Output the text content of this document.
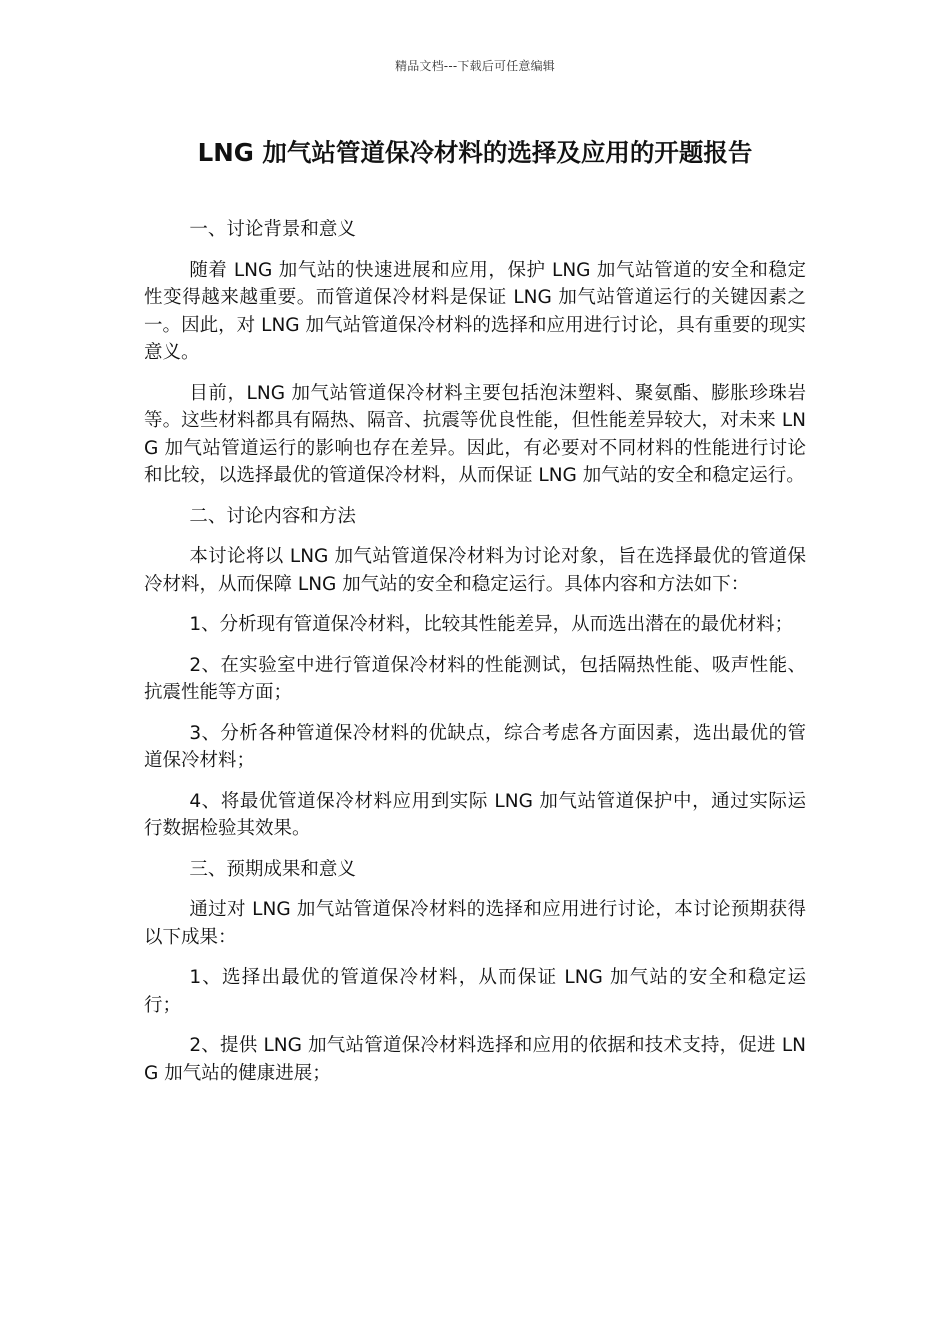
精品文档---下载后可任意编辑
LNG 加气站管道保冷材料的选择及应用的开题报告

一、讨论背景和意义

随着 LNG 加气站的快速进展和应用，保护 LNG 加气站管道的安全和稳定性变得越来越重要。而管道保冷材料是保证 LNG 加气站管道运行的关键因素之一。因此，对 LNG 加气站管道保冷材料的选择和应用进行讨论，具有重要的现实意义。

目前，LNG 加气站管道保冷材料主要包括泡沫塑料、聚氨酯、膨胀珍珠岩等。这些材料都具有隔热、隔音、抗震等优良性能，但性能差异较大，对未来 LNG 加气站管道运行的影响也存在差异。因此，有必要对不同材料的性能进行讨论和比较，以选择最优的管道保冷材料，从而保证 LNG 加气站的安全和稳定运行。

二、讨论内容和方法

本讨论将以 LNG 加气站管道保冷材料为讨论对象，旨在选择最优的管道保冷材料，从而保障 LNG 加气站的安全和稳定运行。具体内容和方法如下：

1、分析现有管道保冷材料，比较其性能差异，从而选出潜在的最优材料；

2、在实验室中进行管道保冷材料的性能测试，包括隔热性能、吸声性能、抗震性能等方面；

3、分析各种管道保冷材料的优缺点，综合考虑各方面因素，选出最优的管道保冷材料；

4、将最优管道保冷材料应用到实际 LNG 加气站管道保护中，通过实际运行数据检验其效果。

三、预期成果和意义

通过对 LNG 加气站管道保冷材料的选择和应用进行讨论，本讨论预期获得以下成果：

1、选择出最优的管道保冷材料，从而保证 LNG 加气站的安全和稳定运行；

2、提供 LNG 加气站管道保冷材料选择和应用的依据和技术支持，促进 LNG 加气站的健康进展；
